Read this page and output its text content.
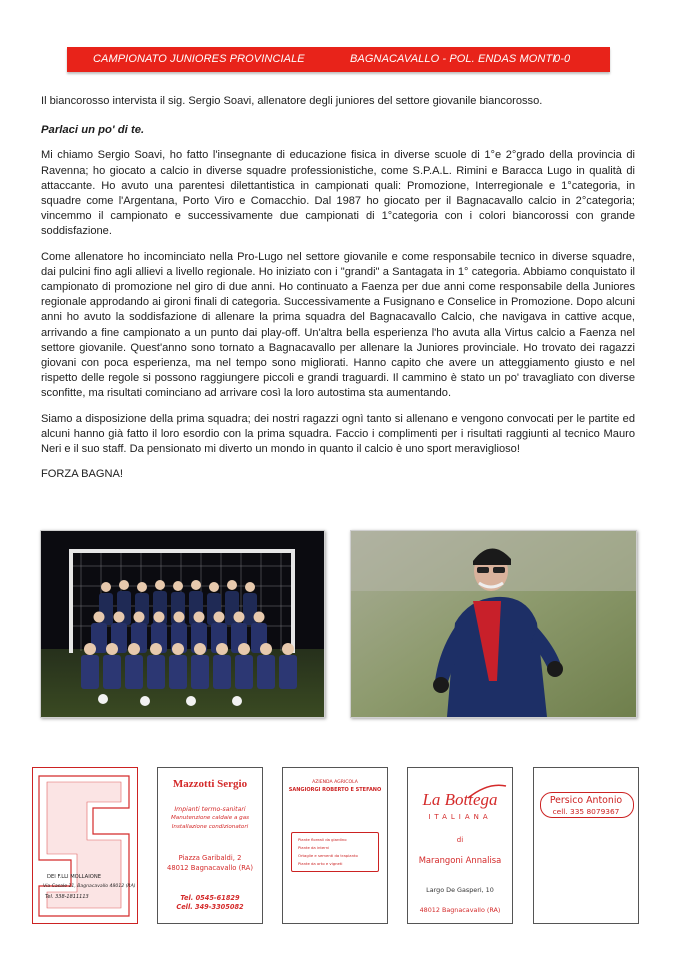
CAMPIONATO JUNIORES PROVINCIALE	BAGNACAVALLO - POL. ENDAS MONTI
0-0

Il biancorosso intervista il sig. Sergio Soavi, allenatore degli juniores del settore giovanile biancorosso.

Parlaci un po' di te.

Mi chiamo Sergio Soavi, ho fatto l'insegnante di educazione fisica in diverse scuole di 1°e 2°grado della provincia di Ravenna; ho giocato a calcio in diverse squadre professionistiche, come S.P.A.L. Rimini e Baracca Lugo in qualità di attaccante. Ho avuto una parentesi dilettantistica in campionati quali: Promozione, Interregionale e 1°categoria, in squadre come l'Argentana, Porto Viro e Comacchio. Dal 1987 ho giocato per il Bagnacavallo calcio in 2°categoria; vincemmo il campionato e successivamente due campionati di 1°categoria con i colori biancorossi con grande soddisfazione.

Come allenatore ho incominciato nella Pro-Lugo nel settore giovanile e come responsabile tecnico in diverse squadre, dai pulcini fino agli allievi a livello regionale. Ho iniziato con i "grandi" a Santagata in 1° categoria. Abbiamo conquistato il campionato di promozione nel giro di due anni. Ho continuato a Faenza per due anni come responsabile della Juniores regionale approdando ai gironi finali di categoria. Successivamente a Fusignano e Conselice in Promozione. Dopo alcuni anni ho avuto la soddisfazione di allenare la prima squadra del Bagnacavallo Calcio, che navigava in cattive acque, arrivando a fine campionato a un punto dai play-off. Un'altra bella esperienza l'ho avuta alla Virtus calcio a Faenza nel settore giovanile. Quest'anno sono tornato a Bagnacavallo per allenare la Juniores provinciale. Ho trovato dei ragazzi giovani con poca esperienza, ma nel tempo sono migliorati. Hanno capito che avere un atteggiamento giusto e nel rispetto delle regole si possono raggiungere piccoli e grandi traguardi. Il cammino è stato un po' travagliato con diverse sconfitte, ma risultati cominciano ad arrivare così la loro autostima sta aumentando.

Siamo a disposizione della prima squadra; dei nostri ragazzi ognì tanto si allenano e vengono convocati per le partite ed alcuni hanno già fatto il loro esordio con la prima squadra. Faccio i complimenti per i risultati raggiunti al tecnico Mauro Neri e il suo staff. Da pensionato mi diverto un mondo in quanto il calcio è uno sport meraviglioso!

FORZA BAGNA!

DEI F.LLI MOLLAIONE
Via Casale 11, Bagnacavallo 48012 (RA)
Tel. 338-1811113
Mazzotti Sergio
Impianti termo-sanitari
Manutenzione caldaie a gas
Installazione condizionatori
Piazza Garibaldi, 2
48012 Bagnacavallo (RA)
Tel. 0545-61829
Cell. 349-3305082
AZIENDA AGRICOLA
SANGIORGI ROBERTO E STEFANO
Piante floreali da giardino
Piante da interni
Ortaglie e sementi da trapianto
Piante da orto e vigneti
La Bottega
ITALIANA
di
Marangoni Annalisa
Largo De Gasperi, 10
48012 Bagnacavallo (RA)
Persico Antonio
cell. 335 8079367
